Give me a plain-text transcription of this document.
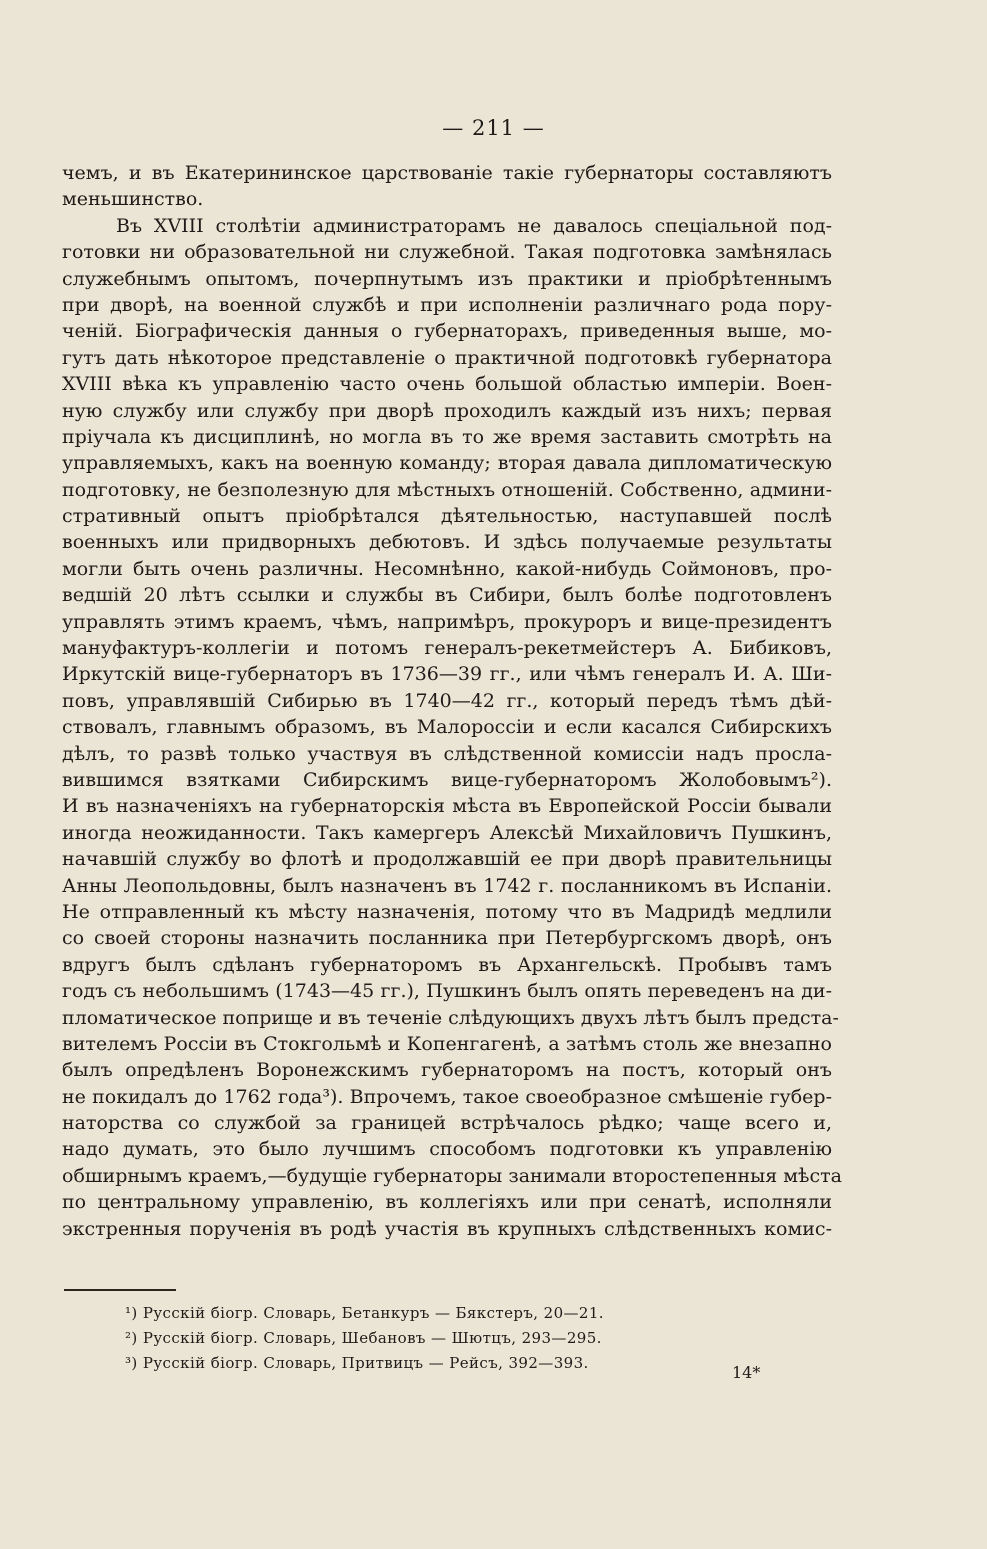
— 211 —
чемъ, и въ Екатерининское царствованіе такіе губернаторы составляютъ
меньшинство.
Въ XVIII столѣтіи администраторамъ не давалось спеціальной под-
готовки ни образовательной ни служебной. Такая подготовка замѣнялась
служебнымъ опытомъ, почерпнутымъ изъ практики и пріобрѣтеннымъ
при дворѣ, на военной службѣ и при исполненіи различнаго рода пору-
ченій. Біографическія данныя о губернаторахъ, приведенныя выше, мо-
гутъ дать нѣкоторое представленіе о практичной подготовкѣ губернатора
XVIII вѣка къ управленію часто очень большой областью имперіи. Воен-
ную службу или службу при дворѣ проходилъ каждый изъ нихъ; первая
пріучала къ дисциплинѣ, но могла въ то же время заставить смотрѣть на
управляемыхъ, какъ на военную команду; вторая давала дипломатическую
подготовку, не безполезную для мѣстныхъ отношеній. Собственно, админи-
стративный опытъ пріобрѣтался дѣятельностью, наступавшей послѣ
военныхъ или придворныхъ дебютовъ. И здѣсь получаемые результаты
могли быть очень различны. Несомнѣнно, какой-нибудь Соймоновъ, про-
ведшій 20 лѣтъ ссылки и службы въ Сибири, былъ болѣе подготовленъ
управлять этимъ краемъ, чѣмъ, напримѣръ, прокуроръ и вице-президентъ
мануфактуръ-коллегіи и потомъ генералъ-рекетмейстеръ А. Бибиковъ,
Иркутскій вице-губернаторъ въ 1736—39 гг., или чѣмъ генералъ И. А. Ши-
повъ, управлявшій Сибирью въ 1740—42 гг., который передъ тѣмъ дѣй-
ствовалъ, главнымъ образомъ, въ Малороссіи и если касался Сибирскихъ
дѣлъ, то развѣ только участвуя въ слѣдственной комиссіи надъ просла-
вившимся взятками Сибирскимъ вице-губернаторомъ Жолобовымъ²).
И въ назначеніяхъ на губернаторскія мѣста въ Европейской Россіи бывали
иногда неожиданности. Такъ камергеръ Алексѣй Михайловичъ Пушкинъ,
начавшій службу во флотѣ и продолжавшій ее при дворѣ правительницы
Анны Леопольдовны, былъ назначенъ въ 1742 г. посланникомъ въ Испаніи.
Не отправленный къ мѣсту назначенія, потому что въ Мадридѣ медлили
со своей стороны назначить посланника при Петербургскомъ дворѣ, онъ
вдругъ былъ сдѣланъ губернаторомъ въ Архангельскѣ. Пробывъ тамъ
годъ съ небольшимъ (1743—45 гг.), Пушкинъ былъ опять переведенъ на ди-
пломатическое поприще и въ теченіе слѣдующихъ двухъ лѣтъ былъ предста-
вителемъ Россіи въ Стокгольмѣ и Копенгагенѣ, а затѣмъ столь же внезапно
былъ опредѣленъ Воронежскимъ губернаторомъ на постъ, который онъ
не покидалъ до 1762 года³). Впрочемъ, такое своеобразное смѣшеніе губер-
наторства со службой за границей встрѣчалось рѣдко; чаще всего и,
надо думать, это было лучшимъ способомъ подготовки къ управленію
обширнымъ краемъ,—будущіе губернаторы занимали второстепенныя мѣста
по центральному управленію, въ коллегіяхъ или при сенатѣ, исполняли
экстренныя порученія въ родѣ участія въ крупныхъ слѣдственныхъ комис-
¹) Русскій біогр. Словарь, Бетанкуръ — Бякстеръ, 20—21.
²) Русскій біогр. Словарь, Шебановъ — Шютцъ, 293—295.
³) Русскій біогр. Словарь, Притвицъ — Рейсъ, 392—393.	14*
